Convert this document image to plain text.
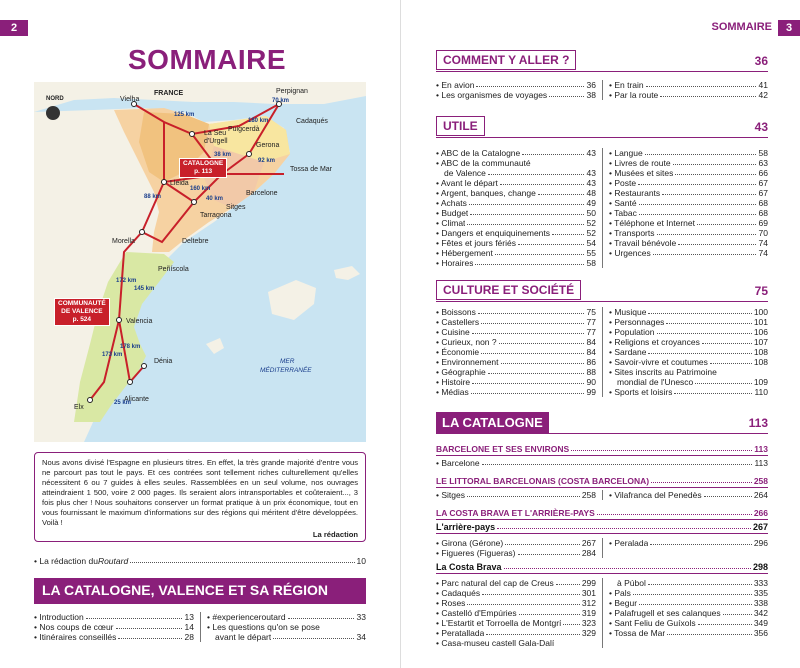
2
SOMMAIRE
FRANCE
NORD	Vielha
Perpignan
La Seu
d'Urgell
Puigcerdà
Cadaqués
Gerona
Tossa de Mar
Lleida
Barcelone
Sitges
Tarragona
Deltebre
Morella
Peñíscola
Valencia
Dénia
Alicante
Elx
125 km
180 km
70 km
38 km
92 km
160 km
40 km
88 km
172 km
145 km
178 km
173 km
25 km
MER
MÉDITERRANÉE
CATALOGNE
p. 113
COMMUNAUTÉ
DE VALENCE
p. 524
Nous avons divisé l'Espagne en plusieurs titres. En effet, la très grande majorité d'entre vous ne parcourt pas tout le pays. Et ces contrées sont tellement riches culturellement qu'elles nécessitent 6 ou 7 guides à elles seules. Rassemblées en un seul volume, nos ouvrages atteindraient 1 500, voire 2 000 pages. Ils seraient alors intransportables et coûteraient..., 3 fois plus cher ! Nous souhaitons conserver un format pratique à un prix économique, tout en vous fournissant le maximum d'informations sur des régions qui méritent d'être développées. Voilà !
La rédaction
• La rédaction du Routard	10
LA CATALOGNE, VALENCE ET SA RÉGION
• Introduction	13
• Nos coups de cœur	14
• Itinéraires conseillés	28
• #experienceroutard	33
• Les questions qu'on se pose
avant le départ	34
3
SOMMAIRE
COMMENT Y ALLER ?	36
• En avion	36
• Les organismes de voyages	38
• En train	41
• Par la route	42
UTILE	43
• ABC de la Catalogne	43
• ABC de la communauté
de Valence	43
• Avant le départ	43
• Argent, banques, change	48
• Achats	49
• Budget	50
• Climat	52
• Dangers et enquiquinements	52
• Fêtes et jours fériés	54
• Hébergement	55
• Horaires	58
• Langue	58
• Livres de route	63
• Musées et sites	66
• Poste	67
• Restaurants	67
• Santé	68
• Tabac	68
• Téléphone et Internet	69
• Transports	70
• Travail bénévole	74
• Urgences	74
CULTURE ET SOCIÉTÉ	75
• Boissons	75
• Castellers	77
• Cuisine	77
• Curieux, non ?	84
• Économie	84
• Environnement	86
• Géographie	88
• Histoire	90
• Médias	99
• Musique	100
• Personnages	101
• Population	106
• Religions et croyances	107
• Sardane	108
• Savoir-vivre et coutumes	108
• Sites inscrits au Patrimoine
mondial de l'Unesco	109
• Sports et loisirs	110
LA CATALOGNE	113
BARCELONE ET SES ENVIRONS	113
• Barcelone	113
LE LITTORAL BARCELONAIS (COSTA BARCELONA)	258
• Sitges	258 • Vilafranca del Penedès	264
LA COSTA BRAVA ET L'ARRIÈRE-PAYS	266
L'arrière-pays	267
• Girona (Gérone)	267
• Figueres (Figueras)	284
• Peralada	296
La Costa Brava	298
• Parc natural del cap de Creus	299
• Cadaqués	301
• Roses	312
• Castelló d'Empúries	319
• L'Estartit et Torroella de Montgrí 323
• Peratallada	329
• Casa-museu castell Gala-Dalí
à Púbol	333
• Pals	335
• Begur	338
• Palafrugell et ses calanques	342
• Sant Feliu de Guíxols	349
• Tossa de Mar	356
